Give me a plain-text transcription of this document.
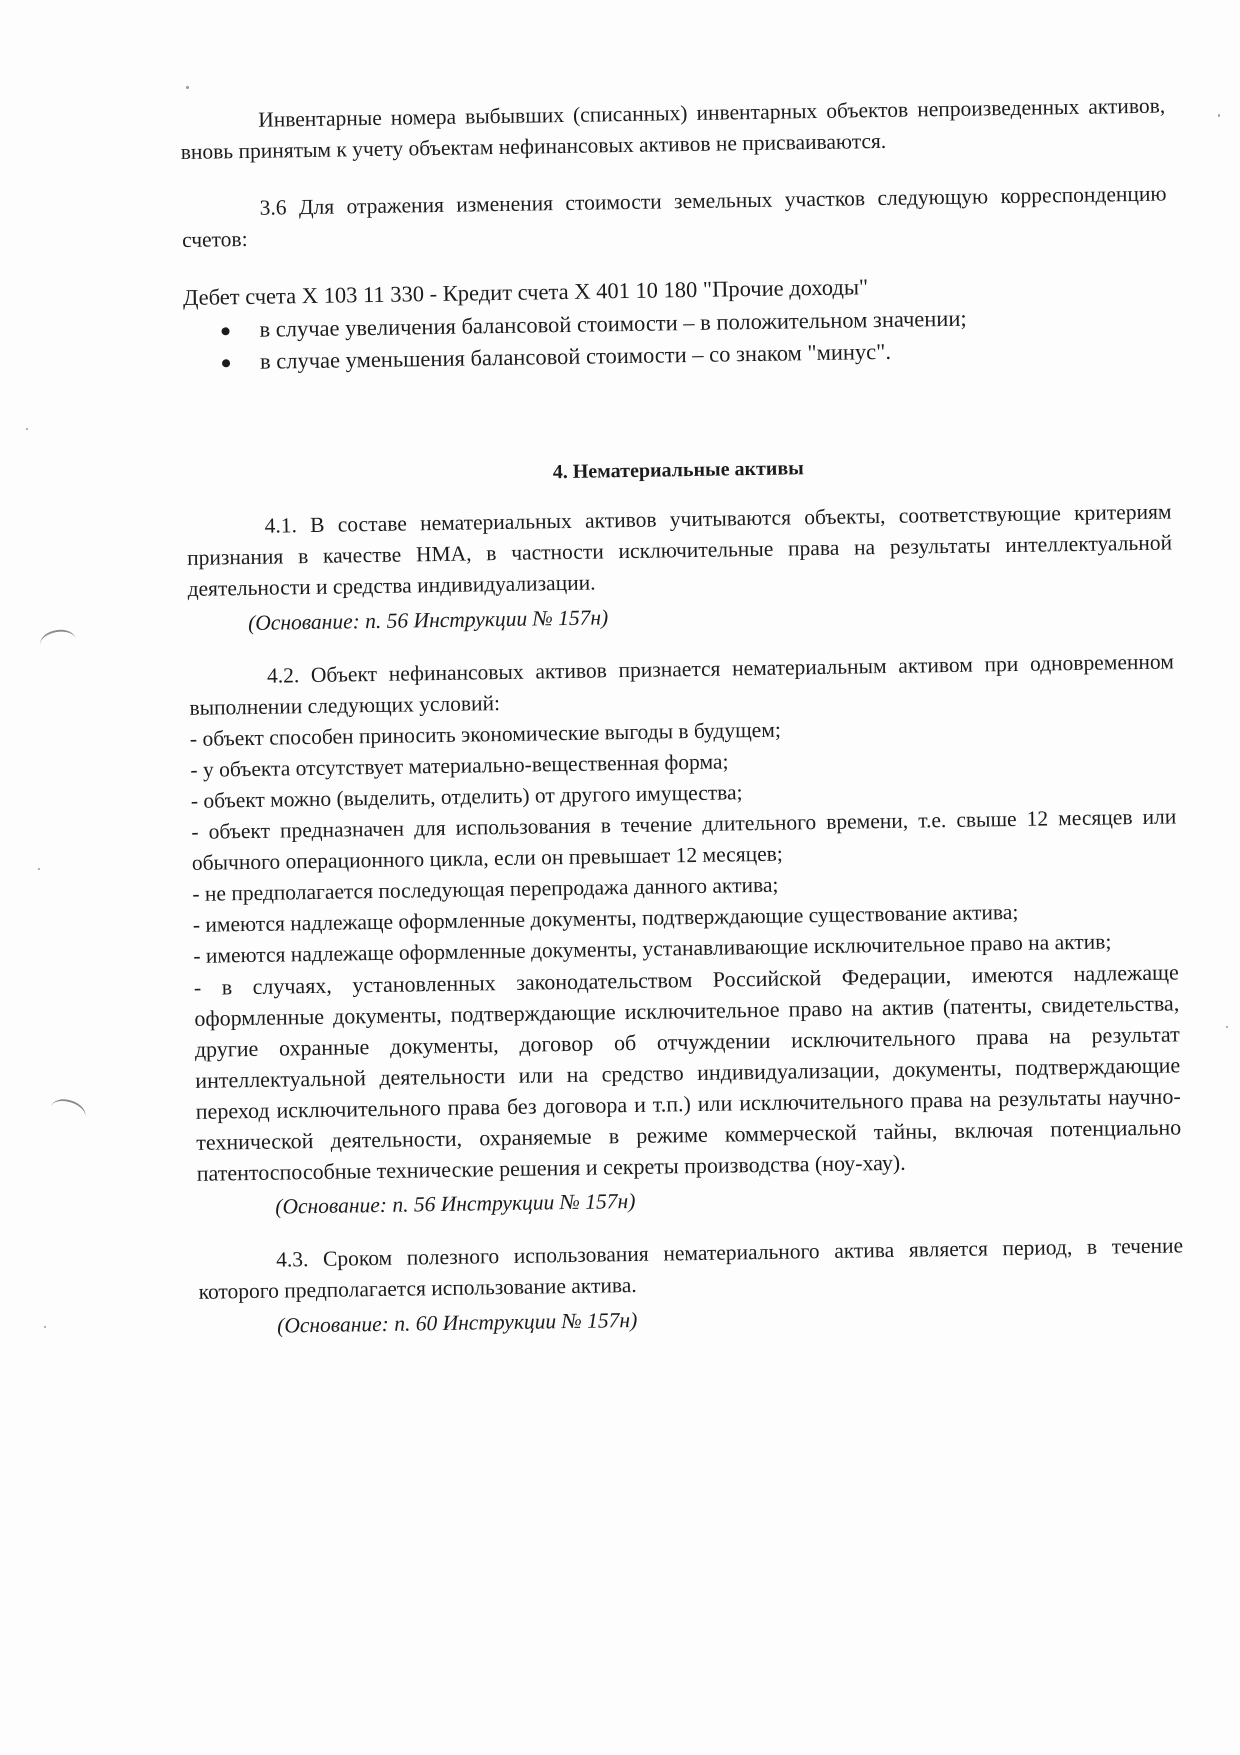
Инвентарные номера выбывших (списанных) инвентарных объектов непроизведенных активов, вновь принятым к учету объектам нефинансовых активов не присваиваются.

3.6 Для отражения изменения стоимости земельных участков следующую корреспонденцию счетов:

Дебет счета Х 103 11 330 - Кредит счета Х 401 10 180 "Прочие доходы"

в случае увеличения балансовой стоимости – в положительном значении;
в случае уменьшения балансовой стоимости – со знаком "минус".
4. Нематериальные активы

4.1. В составе нематериальных активов учитываются объекты, соответствующие критериям признания в качестве НМА, в частности исключительные права на результаты интеллектуальной деятельности и средства индивидуализации.

(Основание: п. 56 Инструкции № 157н)

4.2. Объект нефинансовых активов признается нематериальным активом при одновременном выполнении следующих условий:

- объект способен приносить экономические выгоды в будущем;

- у объекта отсутствует материально-вещественная форма;

- объект можно (выделить, отделить) от другого имущества;

- объект предназначен для использования в течение длительного времени, т.е. свыше 12 месяцев или обычного операционного цикла, если он превышает 12 месяцев;

- не предполагается последующая перепродажа данного актива;

- имеются надлежаще оформленные документы, подтверждающие существование актива;

- имеются надлежаще оформленные документы, устанавливающие исключительное право на актив;

- в случаях, установленных законодательством Российской Федерации, имеются надлежаще оформленные документы, подтверждающие исключительное право на актив (патенты, свидетельства, другие охранные документы, договор об отчуждении исключительного права на результат интеллектуальной деятельности или на средство индивидуализации, документы, подтверждающие переход исключительного права без договора и т.п.) или исключительного права на результаты научно-технической деятельности, охраняемые в режиме коммерческой тайны, включая потенциально патентоспособные технические решения и секреты производства (ноу-хау).

(Основание: п. 56 Инструкции № 157н)

4.3. Сроком полезного использования нематериального актива является период, в течение которого предполагается использование актива.

(Основание: п. 60 Инструкции № 157н)
